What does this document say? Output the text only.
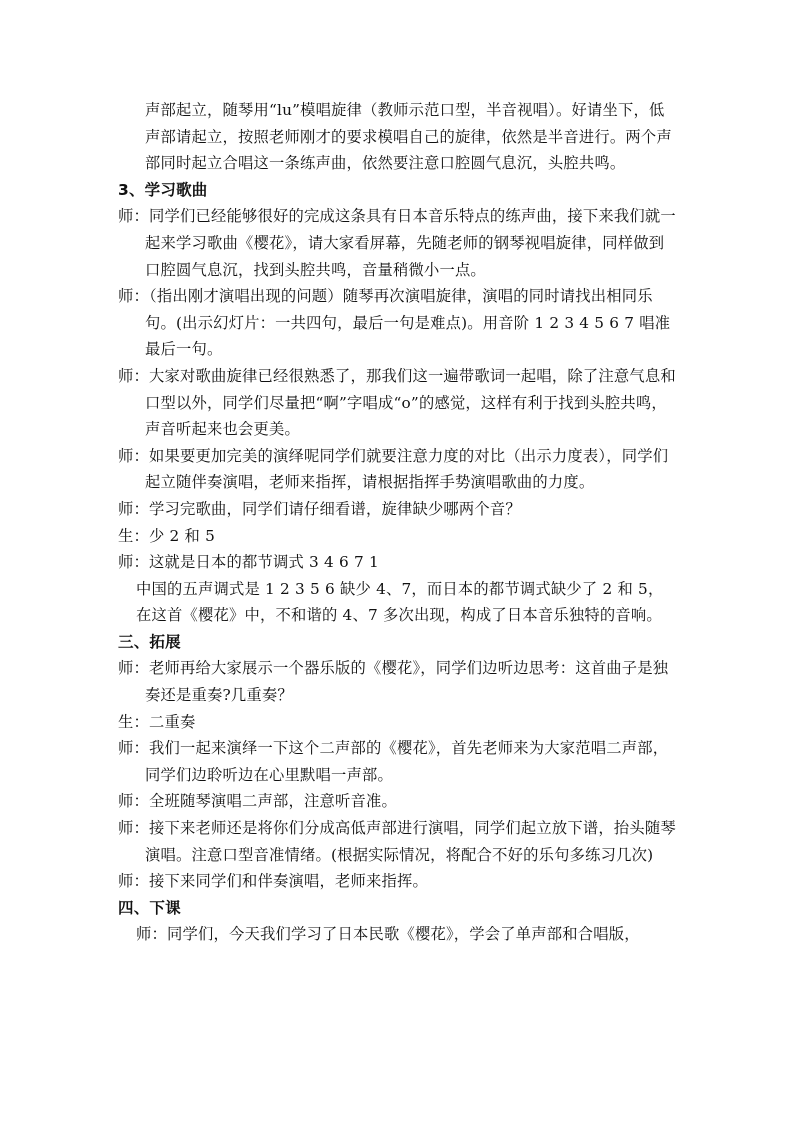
声部起立，随琴用“lu”模唱旋律（教师示范口型，半音视唱）。好请坐下，低声部请起立，按照老师刚才的要求模唱自己的旋律，依然是半音进行。两个声部同时起立合唱这一条练声曲，依然要注意口腔圆气息沉，头腔共鸣。

3、学习歌曲

师：同学们已经能够很好的完成这条具有日本音乐特点的练声曲，接下来我们就一起来学习歌曲《樱花》，请大家看屏幕，先随老师的钢琴视唱旋律，同样做到口腔圆气息沉，找到头腔共鸣，音量稍微小一点。

师：（指出刚才演唱出现的问题）随琴再次演唱旋律，演唱的同时请找出相同乐句。(出示幻灯片：一共四句，最后一句是难点)。用音阶 1 2 3 4 5 6 7 唱准最后一句。

师：大家对歌曲旋律已经很熟悉了，那我们这一遍带歌词一起唱，除了注意气息和口型以外，同学们尽量把“啊”字唱成“o”的感觉，这样有利于找到头腔共鸣，声音听起来也会更美。

师：如果要更加完美的演绎呢同学们就要注意力度的对比（出示力度表），同学们起立随伴奏演唱，老师来指挥，请根据指挥手势演唱歌曲的力度。

师：学习完歌曲，同学们请仔细看谱，旋律缺少哪两个音？

生：少 2 和 5

师：这就是日本的都节调式 3 4 6 7 1

中国的五声调式是 1 2 3 5 6 缺少 4、7，而日本的都节调式缺少了 2 和 5，在这首《樱花》中，不和谐的 4、7 多次出现，构成了日本音乐独特的音响。

三、拓展

师：老师再给大家展示一个器乐版的《樱花》，同学们边听边思考：这首曲子是独奏还是重奏?几重奏？

生：二重奏

师：我们一起来演绎一下这个二声部的《樱花》，首先老师来为大家范唱二声部，同学们边聆听边在心里默唱一声部。

师：全班随琴演唱二声部，注意听音准。

师：接下来老师还是将你们分成高低声部进行演唱，同学们起立放下谱，抬头随琴演唱。注意口型音准情绪。(根据实际情况，将配合不好的乐句多练习几次)

师：接下来同学们和伴奏演唱，老师来指挥。

四、下课

师：同学们，今天我们学习了日本民歌《樱花》，学会了单声部和合唱版，
